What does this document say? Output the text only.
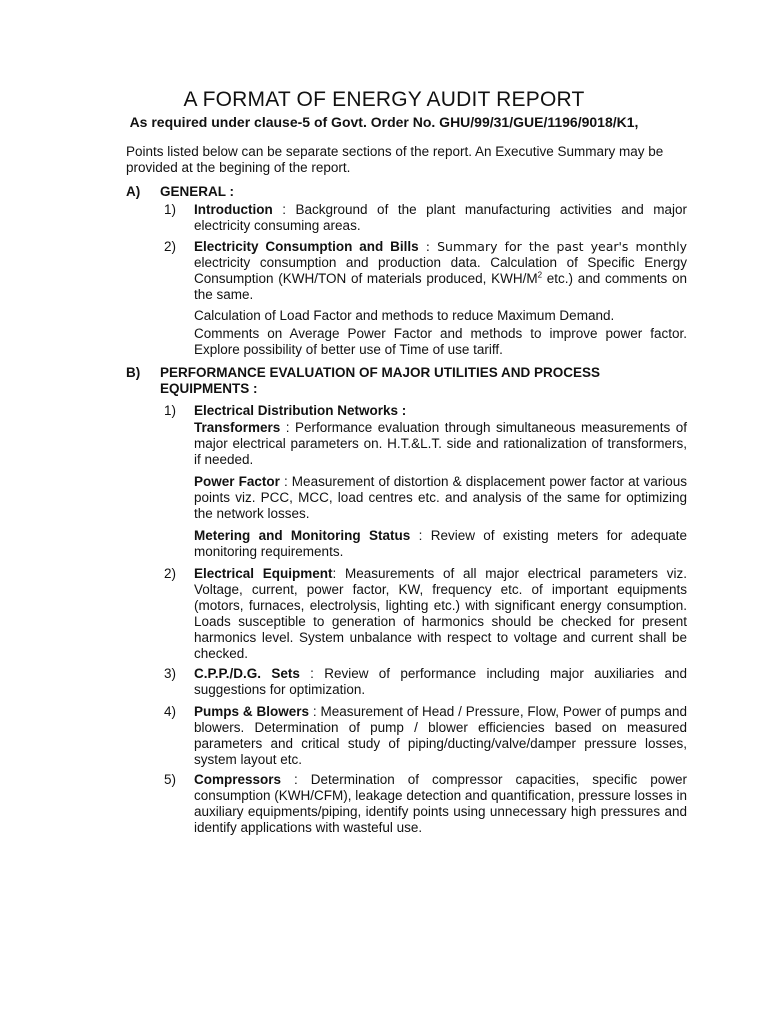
A FORMAT OF ENERGY AUDIT REPORT
As required under clause-5 of Govt. Order No. GHU/99/31/GUE/1196/9018/K1,
Points listed below can be separate sections of the report. An Executive Summary may be provided at the begining of the report.
A) GENERAL :
1) Introduction : Background of the plant manufacturing activities and major electricity consuming areas.
2) Electricity Consumption and Bills : Summary for the past year's monthly electricity consumption and production data. Calculation of Specific Energy Consumption (KWH/TON of materials produced, KWH/$M^2$ etc.) and comments on the same.
Calculation of Load Factor and methods to reduce Maximum Demand.
Comments on Average Power Factor and methods to improve power factor. Explore possibility of better use of Time of use tariff.
B) PERFORMANCE EVALUATION OF MAJOR UTILITIES AND PROCESS EQUIPMENTS :
1) Electrical Distribution Networks :
Transformers : Performance evaluation through simultaneous measurements of major electrical parameters on. H.T.&L.T. side and rationalization of transformers, if needed.
Power Factor : Measurement of distortion & displacement power factor at various points viz. PCC, MCC, load centres etc. and analysis of the same for optimizing the network losses.
Metering and Monitoring Status : Review of existing meters for adequate monitoring requirements.
2) Electrical Equipment: Measurements of all major electrical parameters viz. Voltage, current, power factor, KW, frequency etc. of important equipments (motors, furnaces, electrolysis, lighting etc.) with significant energy consumption. Loads susceptible to generation of harmonics should be checked for present harmonics level. System unbalance with respect to voltage and current shall be checked.
3) C.P.P./D.G. Sets : Review of performance including major auxiliaries and suggestions for optimization.
4) Pumps & Blowers : Measurement of Head / Pressure, Flow, Power of pumps and blowers. Determination of pump / blower efficiencies based on measured parameters and critical study of piping/ducting/valve/damper pressure losses, system layout etc.
5) Compressors : Determination of compressor capacities, specific power consumption (KWH/CFM), leakage detection and quantification, pressure losses in auxiliary equipments/piping, identify points using unnecessary high pressures and identify applications with wasteful use.
